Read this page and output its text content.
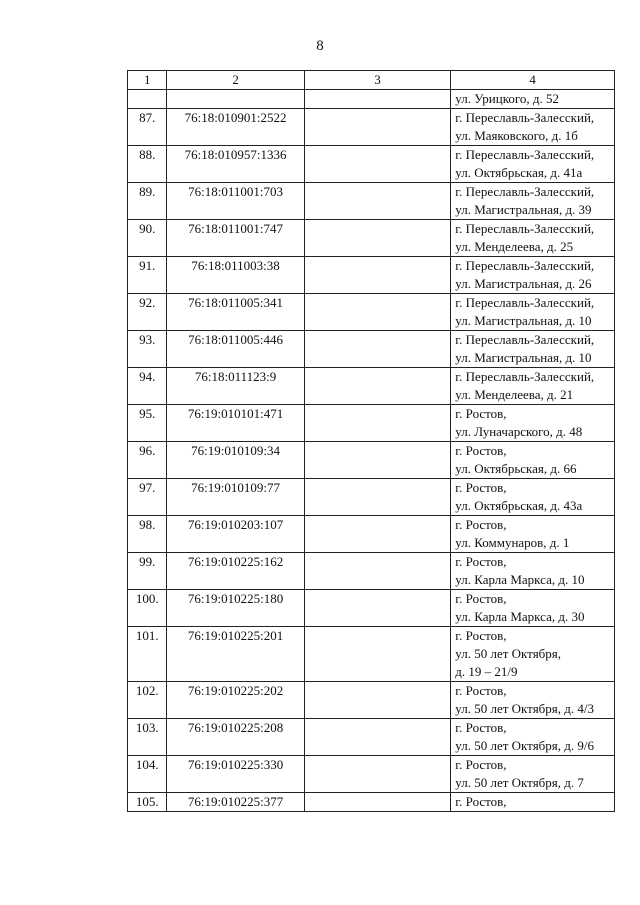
8
1	2	3	4
			ул. Урицкого, д. 52
87.	76:18:010901:2522		г. Переславль-Залесский,
ул. Маяковского, д. 1б
88.	76:18:010957:1336		г. Переславль-Залесский,
ул. Октябрьская, д. 41а
89.	76:18:011001:703		г. Переславль-Залесский,
ул. Магистральная, д. 39
90.	76:18:011001:747		г. Переславль-Залесский,
ул. Менделеева, д. 25
91.	76:18:011003:38		г. Переславль-Залесский,
ул. Магистральная, д. 26
92.	76:18:011005:341		г. Переславль-Залесский,
ул. Магистральная, д. 10
93.	76:18:011005:446		г. Переславль-Залесский,
ул. Магистральная, д. 10
94.	76:18:011123:9		г. Переславль-Залесский,
ул. Менделеева, д. 21
95.	76:19:010101:471		г. Ростов,
ул. Луначарского, д. 48
96.	76:19:010109:34		г. Ростов,
ул. Октябрьская, д. 66
97.	76:19:010109:77		г. Ростов,
ул. Октябрьская, д. 43а
98.	76:19:010203:107		г. Ростов,
ул. Коммунаров, д. 1
99.	76:19:010225:162		г. Ростов,
ул. Карла Маркса, д. 10
100.	76:19:010225:180		г. Ростов,
ул. Карла Маркса, д. 30
101.	76:19:010225:201		г. Ростов,
ул. 50 лет Октября,
д. 19 – 21/9
102.	76:19:010225:202		г. Ростов,
ул. 50 лет Октября, д. 4/3
103.	76:19:010225:208		г. Ростов,
ул. 50 лет Октября, д. 9/6
104.	76:19:010225:330		г. Ростов,
ул. 50 лет Октября, д. 7
105.	76:19:010225:377		г. Ростов,
